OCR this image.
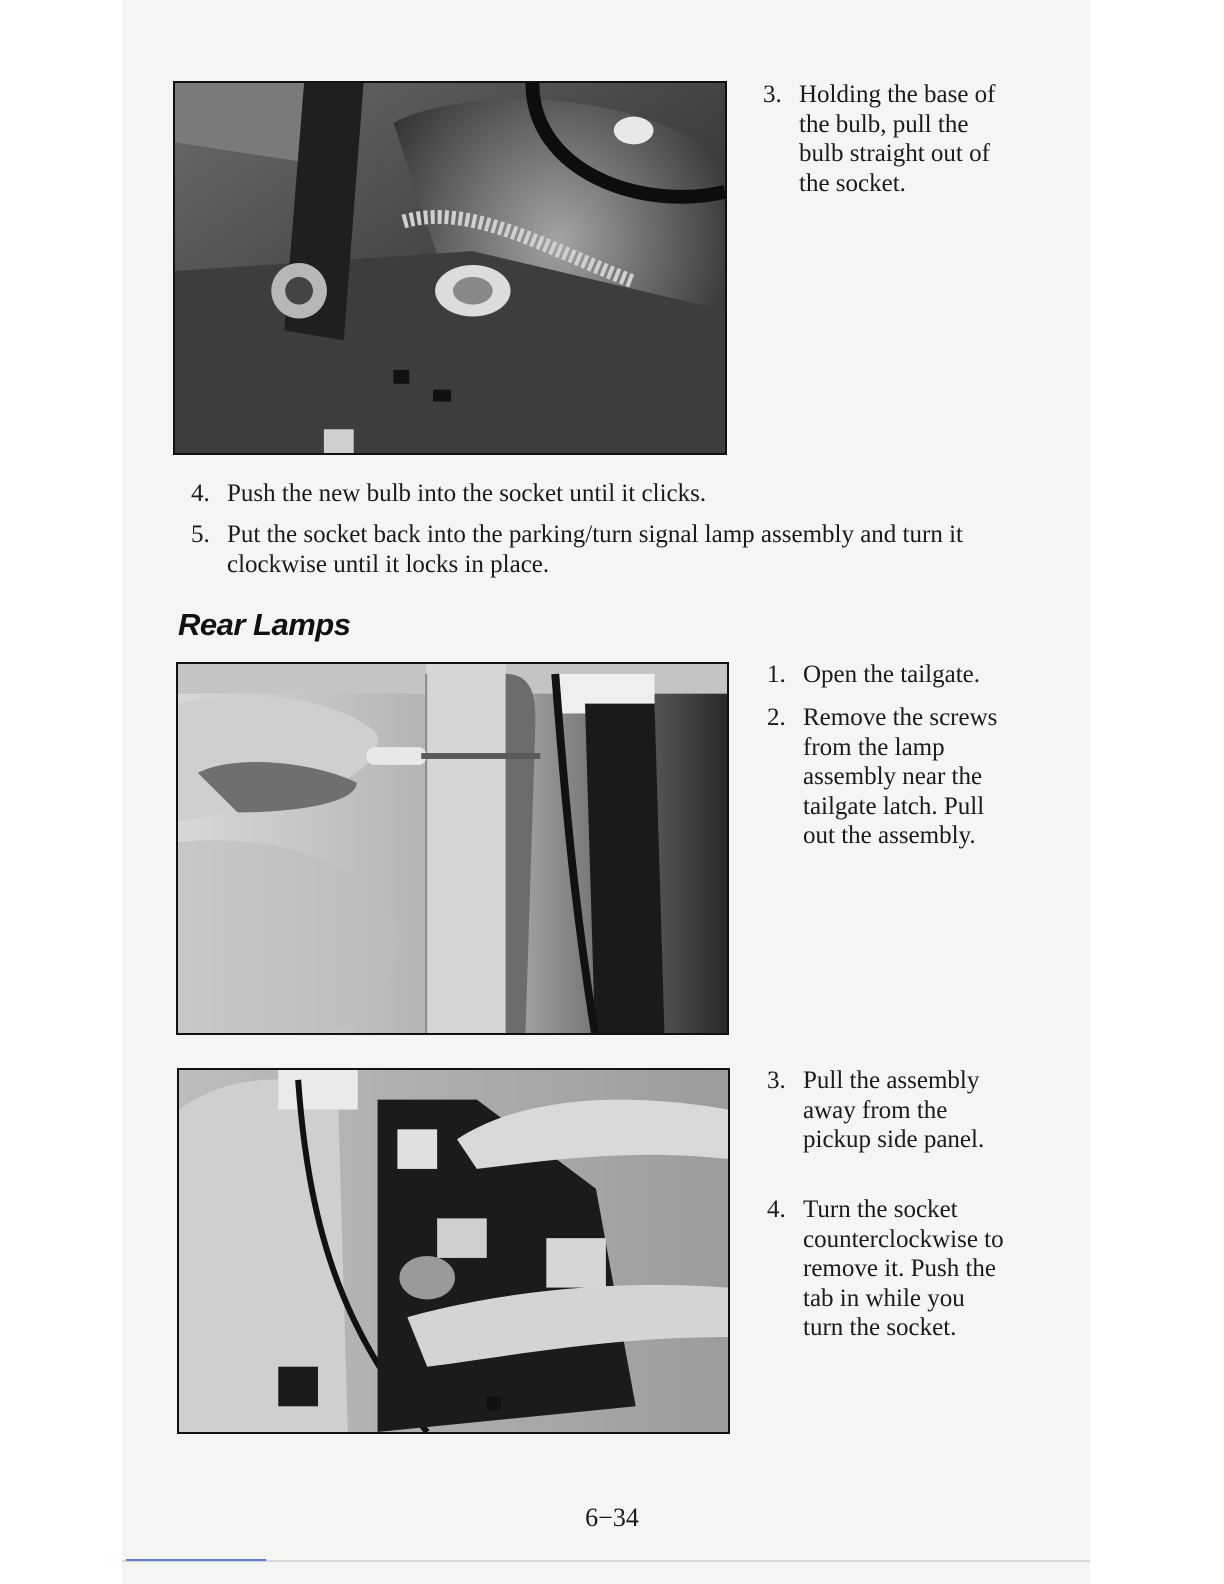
3. Holding the base of the bulb, pull the bulb straight out of the socket.
4. Push the new bulb into the socket until it clicks.
5. Put the socket back into the parking/turn signal lamp assembly and turn it clockwise until it locks in place.
Rear Lamps
1. Open the tailgate.
2. Remove the screws from the lamp assembly near the tailgate latch. Pull out the assembly.
3. Pull the assembly away from the pickup side panel.
4. Turn the socket counterclockwise to remove it. Push the tab in while you turn the socket.
6−34
